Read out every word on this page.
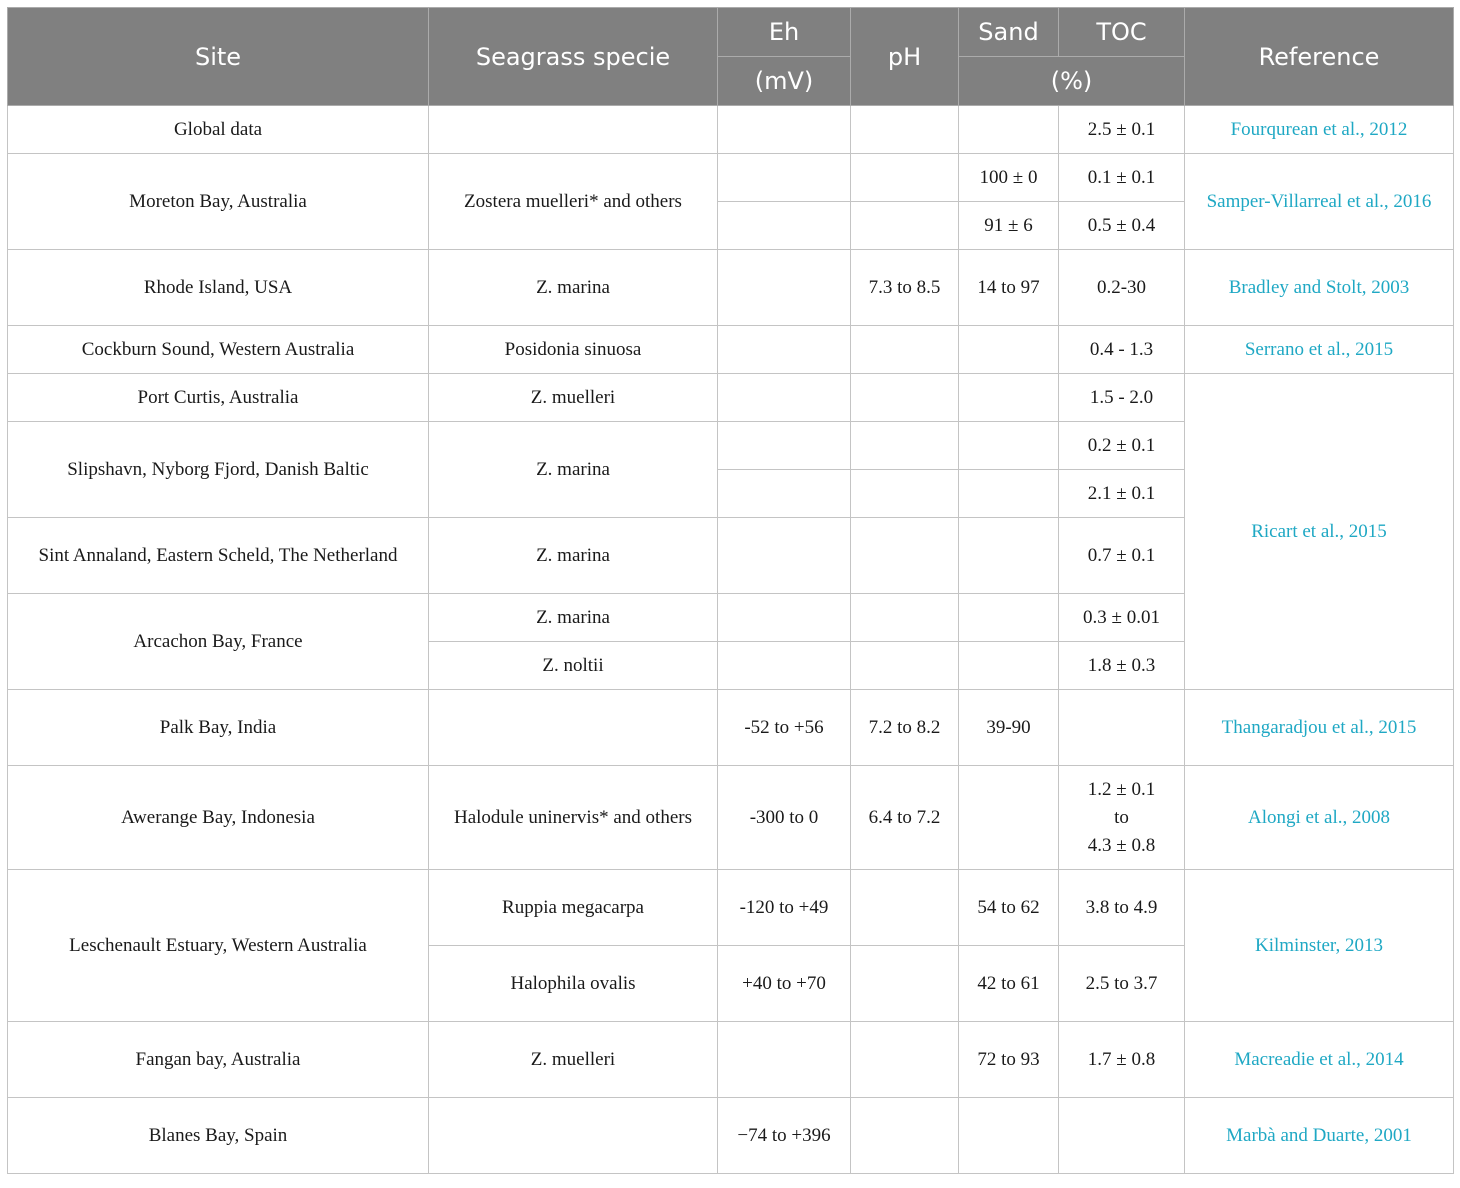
Site	Seagrass specie	Eh	pH	Sand	TOC	Reference
		(mV)		(%)		
Global data					2.5 ± 0.1	Fourqurean et al., 2012
Moreton Bay, Australia	Zostera muelleri* and others			100 ± 0	0.1 ± 0.1	Samper-Villarreal et al., 2016
				91 ± 6	0.5 ± 0.4	
Rhode Island, USA	Z. marina		7.3 to 8.5	14 to 97	0.2-30	Bradley and Stolt, 2003
Cockburn Sound, Western Australia	Posidonia sinuosa				0.4 - 1.3	Serrano et al., 2015
Port Curtis, Australia	Z. muelleri				1.5 - 2.0	Ricart et al., 2015
Slipshavn, Nyborg Fjord, Danish Baltic	Z. marina				0.2 ± 0.1	
					2.1 ± 0.1	
Sint Annaland, Eastern Scheld, The Netherland	Z. marina				0.7 ± 0.1	
Arcachon Bay, France	Z. marina				0.3 ± 0.01	
	Z. noltii				1.8 ± 0.3	
Palk Bay, India		-52 to +56	7.2 to 8.2	39-90		Thangaradjou et al., 2015
Awerange Bay, Indonesia	Halodule uninervis* and others	-300 to 0	6.4 to 7.2		1.2 ± 0.1
to
4.3 ± 0.8	Alongi et al., 2008
Leschenault Estuary, Western Australia	Ruppia megacarpa	-120 to +49		54 to 62	3.8 to 4.9	Kilminster, 2013
	Halophila ovalis	+40 to +70		42 to 61	2.5 to 3.7	
Fangan bay, Australia	Z. muelleri			72 to 93	1.7 ± 0.8	Macreadie et al., 2014
Blanes Bay, Spain		−74 to +396				Marbà and Duarte, 2001
